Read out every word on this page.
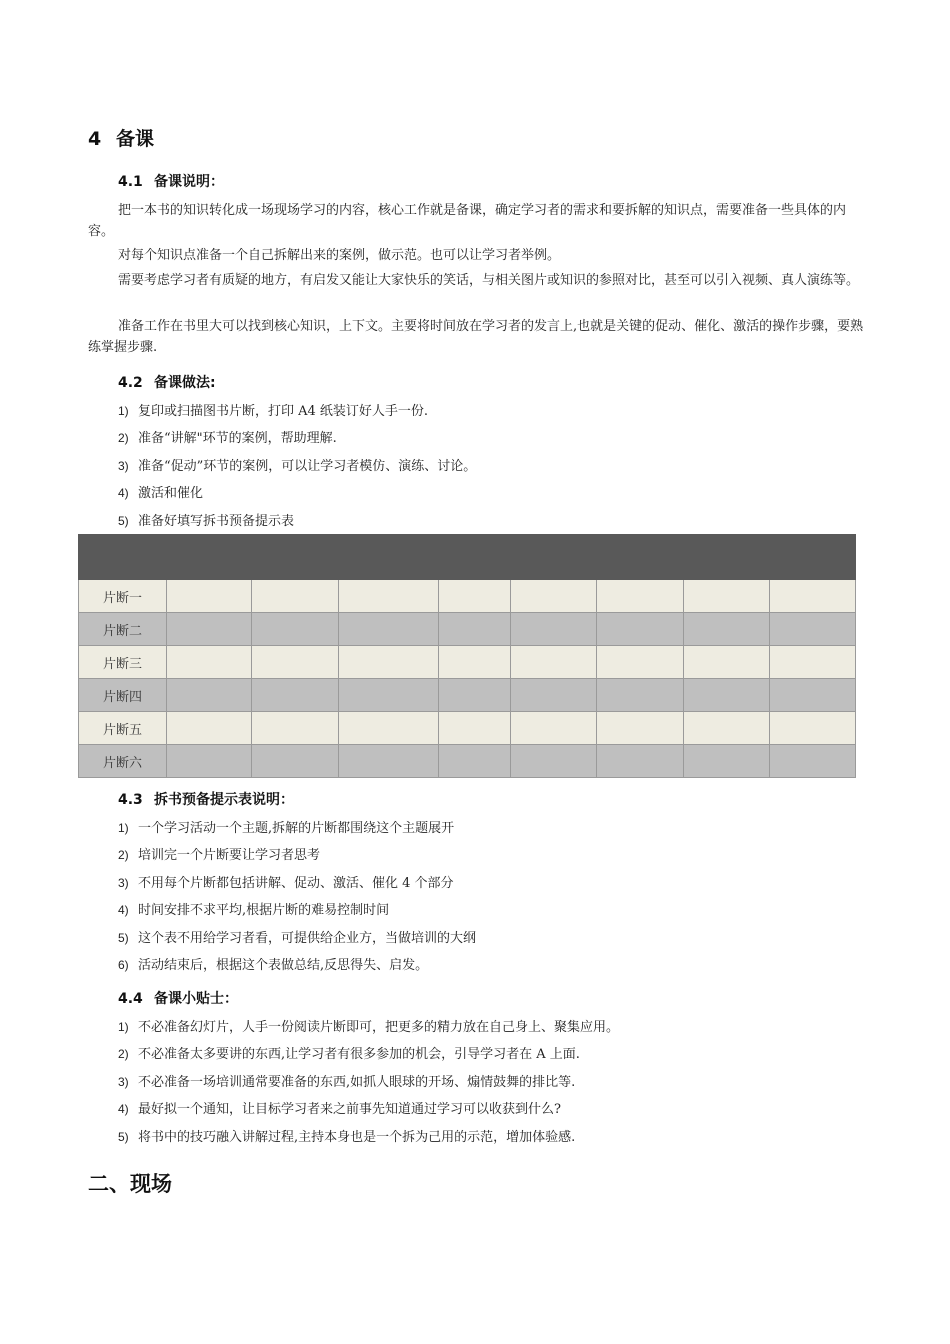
4 备课
4.1 备课说明：
把一本书的知识转化成一场现场学习的内容，核心工作就是备课，确定学习者的需求和要拆解的知识点，需要准备一些具体的内容。
对每个知识点准备一个自己拆解出来的案例，做示范。也可以让学习者举例。
需要考虑学习者有质疑的地方，有启发又能让大家快乐的笑话，与相关图片或知识的参照对比，甚至可以引入视频、真人演练等。
准备工作在书里大可以找到核心知识，上下文。主要将时间放在学习者的发言上,也就是关键的促动、催化、激活的操作步骤，要熟练掌握步骤.
4.2 备课做法:
1) 复印或扫描图书片断，打印 A4 纸装订好人手一份.
2) 准备“讲解"环节的案例，帮助理解.
3) 准备“促动”环节的案例，可以让学习者模仿、演练、讨论。
4) 激活和催化
5) 准备好填写拆书预备提示表

片断一								
片断二								
片断三								
片断四								
片断五								
片断六								
4.3 拆书预备提示表说明：
1) 一个学习活动一个主题,拆解的片断都围绕这个主题展开
2) 培训完一个片断要让学习者思考
3) 不用每个片断都包括讲解、促动、激活、催化 4 个部分
4) 时间安排不求平均,根据片断的难易控制时间
5) 这个表不用给学习者看，可提供给企业方，当做培训的大纲
6) 活动结束后，根据这个表做总结,反思得失、启发。
4.4 备课小贴士：
1) 不必准备幻灯片，人手一份阅读片断即可，把更多的精力放在自己身上、聚集应用。
2) 不必准备太多要讲的东西,让学习者有很多参加的机会，引导学习者在 A 上面.
3) 不必准备一场培训通常要准备的东西,如抓人眼球的开场、煽情鼓舞的排比等.
4) 最好拟一个通知，让目标学习者来之前事先知道通过学习可以收获到什么?
5) 将书中的技巧融入讲解过程,主持本身也是一个拆为己用的示范，增加体验感.
二、现场
